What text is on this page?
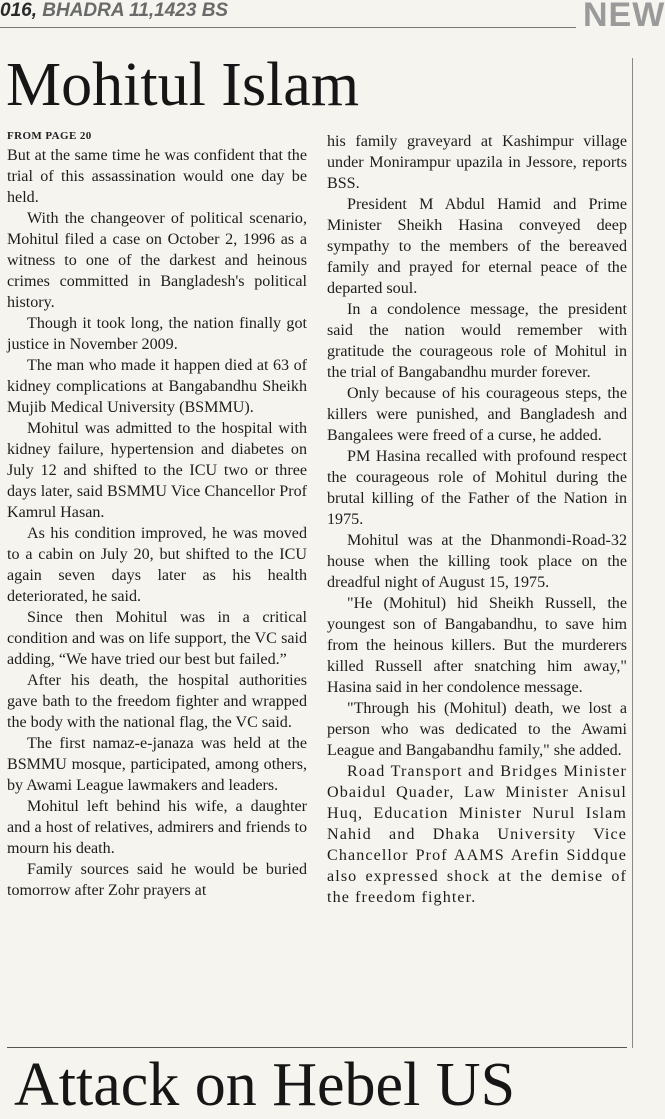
016, BHADRA 11,1423 BS	NEW
Mohitul Islam
FROM PAGE 20

But at the same time he was confident that the trial of this assassination would one day be held.

With the changeover of political scenario, Mohitul filed a case on October 2, 1996 as a witness to one of the darkest and heinous crimes committed in Bangladesh's political history.

Though it took long, the nation finally got justice in November 2009.

The man who made it happen died at 63 of kidney complications at Bangabandhu Sheikh Mujib Medical University (BSMMU).

Mohitul was admitted to the hospital with kidney failure, hypertension and diabetes on July 12 and shifted to the ICU two or three days later, said BSMMU Vice Chancellor Prof Kamrul Hasan.

As his condition improved, he was moved to a cabin on July 20, but shifted to the ICU again seven days later as his health deteriorated, he said.

Since then Mohitul was in a critical condition and was on life support, the VC said adding, “We have tried our best but failed.”

After his death, the hospital authorities gave bath to the freedom fighter and wrapped the body with the national flag, the VC said.

The first namaz-e-janaza was held at the BSMMU mosque, participated, among others, by Awami League lawmakers and leaders.

Mohitul left behind his wife, a daughter and a host of relatives, admirers and friends to mourn his death.

Family sources said he would be buried tomorrow after Zohr prayers at

his family graveyard at Kashimpur village under Monirampur upazila in Jessore, reports BSS.

President M Abdul Hamid and Prime Minister Sheikh Hasina conveyed deep sympathy to the members of the bereaved family and prayed for eternal peace of the departed soul.

In a condolence message, the president said the nation would remember with gratitude the courageous role of Mohitul in the trial of Bangabandhu murder forever.

Only because of his courageous steps, the killers were punished, and Bangladesh and Bangalees were freed of a curse, he added.

PM Hasina recalled with profound respect the courageous role of Mohitul during the brutal killing of the Father of the Nation in 1975.

Mohitul was at the Dhanmondi-Road-32 house when the killing took place on the dreadful night of August 15, 1975.

"He (Mohitul) hid Sheikh Russell, the youngest son of Bangabandhu, to save him from the heinous killers. But the murderers killed Russell after snatching him away," Hasina said in her condolence message.

"Through his (Mohitul) death, we lost a person who was dedicated to the Awami League and Bangabandhu family," she added.

Road Transport and Bridges Minister Obaidul Quader, Law Minister Anisul Huq, Education Minister Nurul Islam Nahid and Dhaka University Vice Chancellor Prof AAMS Arefin Siddque also expressed shock at the demise of the freedom fighter.

Attack on Hebel US
